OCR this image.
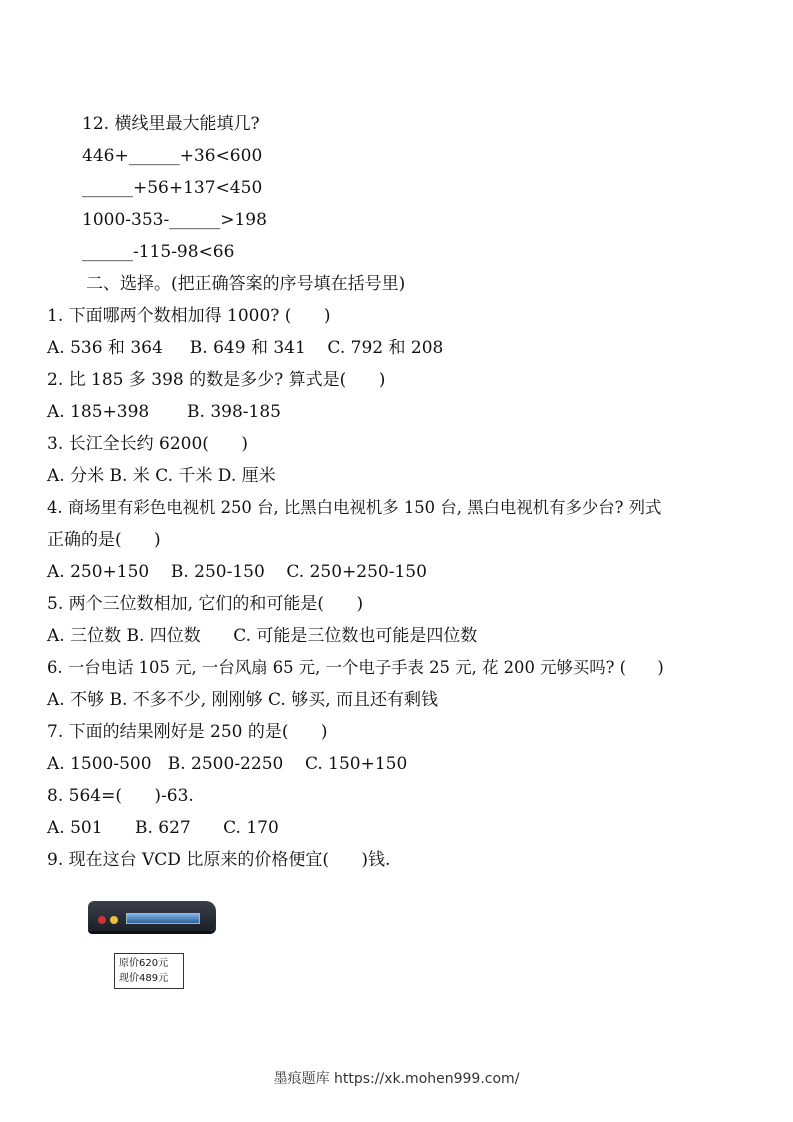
12. 横线里最大能填几?
446+______+36<600
______+56+137<450
1000-353-______>198
______-115-98<66
二、选择。(把正确答案的序号填在括号里)
1. 下面哪两个数相加得 1000? (      )
A. 536 和 364     B. 649 和 341    C. 792 和 208
2. 比 185 多 398 的数是多少? 算式是(      )
A. 185+398       B. 398-185
3. 长江全长约 6200(      )
A. 分米 B. 米 C. 千米 D. 厘米
4. 商场里有彩色电视机 250 台, 比黑白电视机多 150 台, 黑白电视机有多少台? 列式
正确的是(      )
A. 250+150    B. 250-150    C. 250+250-150
5. 两个三位数相加, 它们的和可能是(      )
A. 三位数 B. 四位数      C. 可能是三位数也可能是四位数
6. 一台电话 105 元, 一台风扇 65 元, 一个电子手表 25 元, 花 200 元够买吗? (      )
A. 不够 B. 不多不少, 刚刚够 C. 够买, 而且还有剩钱
7. 下面的结果刚好是 250 的是(      )
A. 1500-500   B. 2500-2250    C. 150+150
8. 564=(      )-63.
A. 501      B. 627      C. 170
9. 现在这台 VCD 比原来的价格便宜(      )钱.
原价620元
现价489元
墨痕题库 https://xk.mohen999.com/
